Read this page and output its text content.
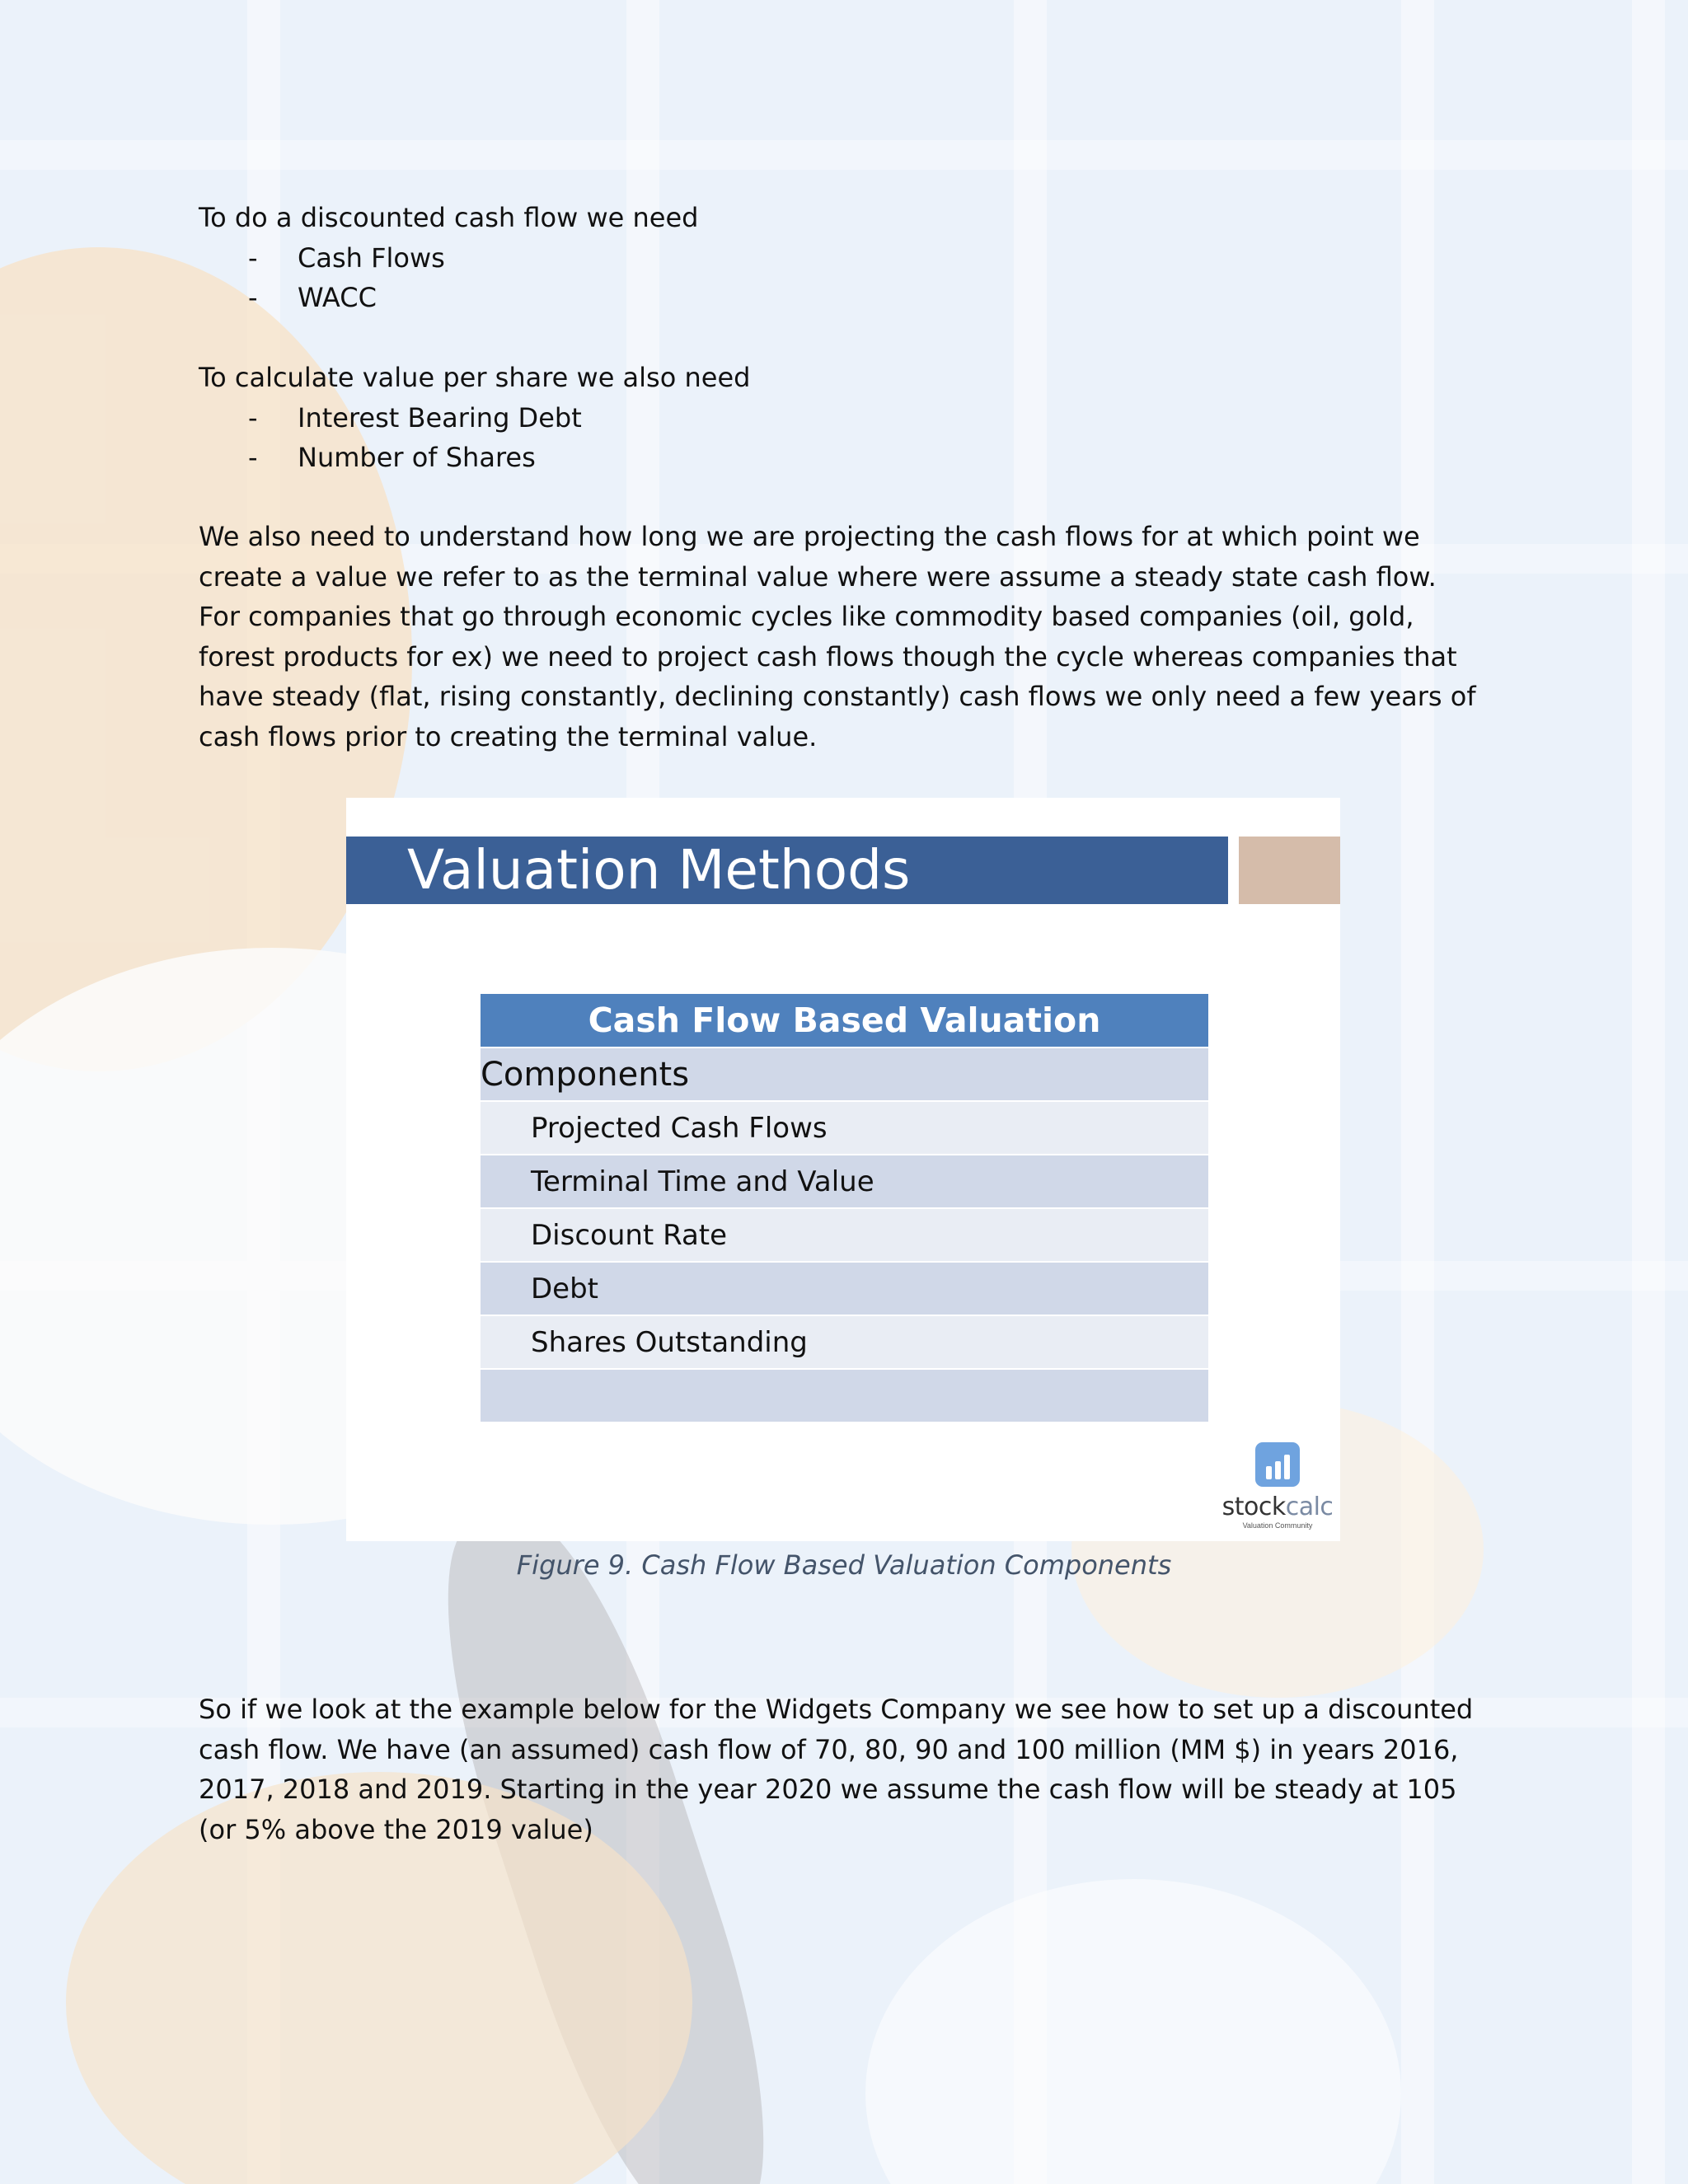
To do a discounted cash flow we need

- Cash Flows
- WACC

To calculate value per share we also need

- Interest Bearing Debt
- Number of Shares

We also need to understand how long we are projecting the cash flows for at which point we create a value we refer to as the terminal value where were assume a steady state cash flow. For companies that go through economic cycles like commodity based companies (oil, gold, forest products for ex) we need to project cash flows though the cycle whereas companies that have steady (flat, rising constantly, declining constantly) cash flows we only need a few years of cash flows prior to creating the terminal value.

Valuation Methods
Cash Flow Based Valuation
Components
Projected Cash Flows
Terminal Time and Value
Discount Rate
Debt
Shares Outstanding
stockcalc
Valuation Community
Figure 9. Cash Flow Based Valuation Components

So if we look at the example below for the Widgets Company we see how to set up a discounted cash flow. We have (an assumed) cash flow of 70, 80, 90 and 100 million (MM $) in years 2016, 2017, 2018 and 2019. Starting in the year 2020 we assume the cash flow will be steady at 105 (or 5% above the 2019 value)
